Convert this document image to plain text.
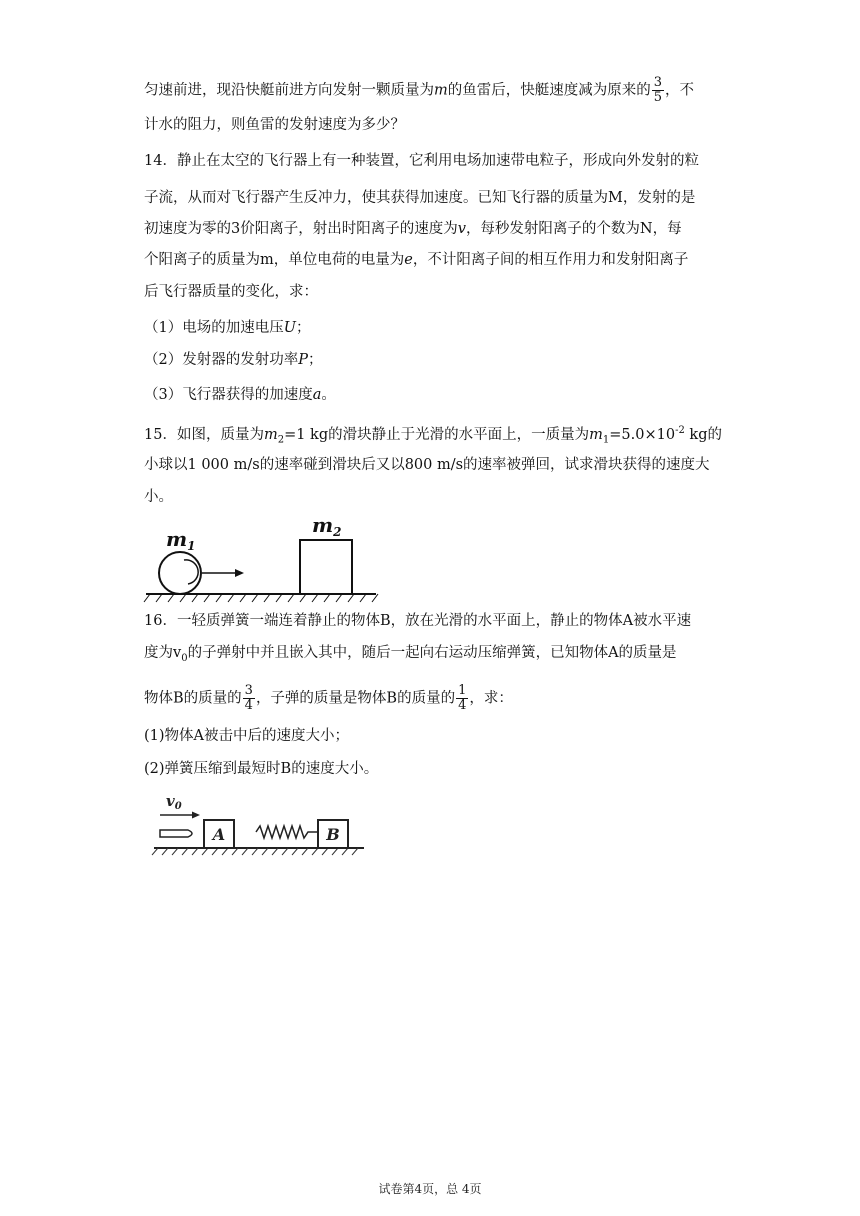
匀速前进，现沿快艇前进方向发射一颗质量为m的鱼雷后，快艇速度减为原来的 $\frac{3}{5}$ ，不
计水的阻力，则鱼雷的发射速度为多少？
14．静止在太空的飞行器上有一种装置，它利用电场加速带电粒子，形成向外发射的粒
子流，从而对飞行器产生反冲力，使其获得加速度。已知飞行器的质量为M，发射的是
初速度为零的3价阳离子，射出时阳离子的速度为v，每秒发射阳离子的个数为N，每
个阳离子的质量为m，单位电荷的电量为e，不计阳离子间的相互作用力和发射阳离子
后飞行器质量的变化，求：
（1）电场的加速电压U；
（2）发射器的发射功率P；
（3）飞行器获得的加速度a。
15．如图，质量为$m_2=1$ kg的滑块静止于光滑的水平面上，一质量为$m_1=5.0\times 10^{-2}$ kg的
小球以1 000 m/s的速率碰到滑块后又以800 m/s的速率被弹回，试求滑块获得的速度大
小。
$m_1$
$m_2$
16．一轻质弹簧一端连着静止的物体B，放在光滑的水平面上，静止的物体A被水平速
度为$v_0$的子弹射中并且嵌入其中，随后一起向右运动压缩弹簧，已知物体A的质量是
物体B的质量的 $\frac{3}{4}$ ，子弹的质量是物体B的质量的 $\frac{1}{4}$ ，求：
(1)物体A被击中后的速度大小；
(2)弹簧压缩到最短时B的速度大小。
$v_0$
A	B
试卷第4页，总 4页
